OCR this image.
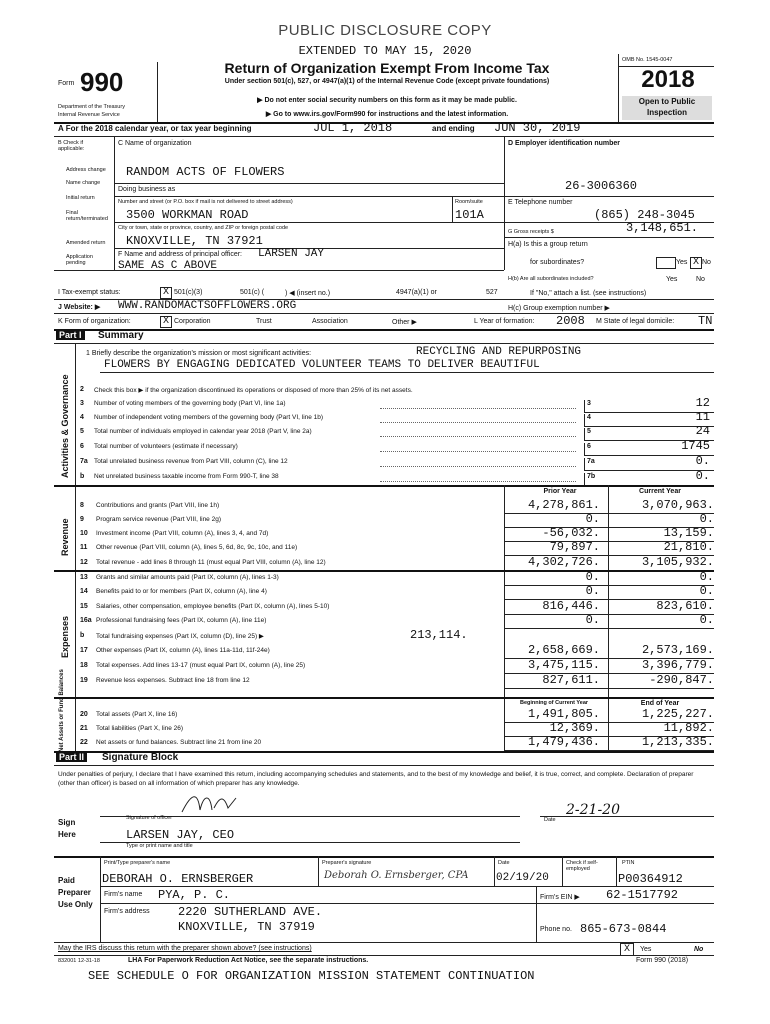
PUBLIC DISCLOSURE COPY
EXTENDED TO MAY 15, 2020
Form 990
Department of the Treasury
Internal Revenue Service
Return of Organization Exempt From Income Tax
Under section 501(c), 527, or 4947(a)(1) of the Internal Revenue Code (except private foundations)
▶ Do not enter social security numbers on this form as it may be made public.
▶ Go to www.irs.gov/Form990 for instructions and the latest information.
OMB No. 1545-0047
2018
Open to Public
Inspection
A For the 2018 calendar year, or tax year beginning	JUL 1, 2018	and ending JUN 30, 2019
B Check if applicable:
Address change
Name change
Initial return
Final return/terminated
Amended return
Application pending
C Name of organization
RANDOM ACTS OF FLOWERS
Doing business as
Number and street (or P.O. box if mail is not delivered to street address)	Room/suite
3500 WORKMAN ROAD	101A
City or town, state or province, country, and ZIP or foreign postal code
KNOXVILLE, TN 37921
F Name and address of principal officer: LARSEN JAY
SAME AS C ABOVE
D Employer identification number
26-3006360
E Telephone number
(865) 248-3045
G Gross receipts $	3,148,651.
H(a) Is this a group return
for subordinates?	Yes X No
H(b) Are all subordinates included?	Yes	No
If "No," attach a list. (see instructions)
H(c) Group exemption number ▶
I Tax-exempt status:	X 501(c)(3)	501(c) (	) ◀ (insert no.)	4947(a)(1) or	527
J Website: ▶ WWW.RANDOMACTSOFFLOWERS.ORG
K Form of organization:	X Corporation	Trust	Association	Other ▶	L Year of formation: 2008 M State of legal domicile: TN
Part I	Summary
Activities & Governance
Revenue
Expenses
Net Assets or Fund Balances
1 Briefly describe the organization's mission or most significant activities:	RECYCLING AND REPURPOSING
FLOWERS BY ENGAGING DEDICATED VOLUNTEER TEAMS TO DELIVER BEAUTIFUL
2 Check this box ▶ if the organization discontinued its operations or disposed of more than 25% of its net assets.
3 Number of voting members of the governing body (Part VI, line 1a)	3	12
4 Number of independent voting members of the governing body (Part VI, line 1b)	4	11
5 Total number of individuals employed in calendar year 2018 (Part V, line 2a)	5	24
6 Total number of volunteers (estimate if necessary)	6	1745
7a Total unrelated business revenue from Part VIII, column (C), line 12	7a	0.
b Net unrelated business taxable income from Form 990-T, line 38	7b	0.
Prior Year	Current Year
8 Contributions and grants (Part VIII, line 1h)	4,278,861.	3,070,963.
9 Program service revenue (Part VIII, line 2g)	0.	0.
10 Investment income (Part VIII, column (A), lines 3, 4, and 7d)	-56,032.	13,159.
11 Other revenue (Part VIII, column (A), lines 5, 6d, 8c, 9c, 10c, and 11e)	79,897.	21,810.
12 Total revenue - add lines 8 through 11 (must equal Part VIII, column (A), line 12)	4,302,726.	3,105,932.
13 Grants and similar amounts paid (Part IX, column (A), lines 1-3)	0.	0.
14 Benefits paid to or for members (Part IX, column (A), line 4)	0.	0.
15 Salaries, other compensation, employee benefits (Part IX, column (A), lines 5-10)	816,446.	823,610.
16a Professional fundraising fees (Part IX, column (A), line 11e)	0.	0.
b Total fundraising expenses (Part IX, column (D), line 25) ▶	213,114.
17 Other expenses (Part IX, column (A), lines 11a-11d, 11f-24e)	2,658,669.	2,573,169.
18 Total expenses. Add lines 13-17 (must equal Part IX, column (A), line 25)	3,475,115.	3,396,779.
19 Revenue less expenses. Subtract line 18 from line 12	827,611.	-290,847.
Beginning of Current Year	End of Year
20 Total assets (Part X, line 16)	1,491,805.	1,225,227.
21 Total liabilities (Part X, line 26)	12,369.	11,892.
22 Net assets or fund balances. Subtract line 21 from line 20	1,479,436.	1,213,335.
Part II	Signature Block
Under penalties of perjury, I declare that I have examined this return, including accompanying schedules and statements, and to the best of my knowledge and belief, it is true, correct, and complete. Declaration of preparer (other than officer) is based on all information of which preparer has any knowledge.
Sign
Here
Signature of officer	2-21-20
Date
LARSEN JAY, CEO
Type or print name and title
Paid
Preparer
Use Only
Print/Type preparer's name
DEBORAH O. ERNSBERGER
Preparer's signature
Deborah O. Ernsberger, CPA
Date
02/19/20
Check if self-employed
PTIN
P00364912
Firm's name PYA, P. C.	Firm's EIN ▶ 62-1517792
Firm's address 2220 SUTHERLAND AVE.
KNOXVILLE, TN 37919	Phone no. 865-673-0844
May the IRS discuss this return with the preparer shown above? (see instructions)	X	Yes	No
832001 12-31-18	LHA For Paperwork Reduction Act Notice, see the separate instructions.	Form 990 (2018)
SEE SCHEDULE O FOR ORGANIZATION MISSION STATEMENT CONTINUATION
